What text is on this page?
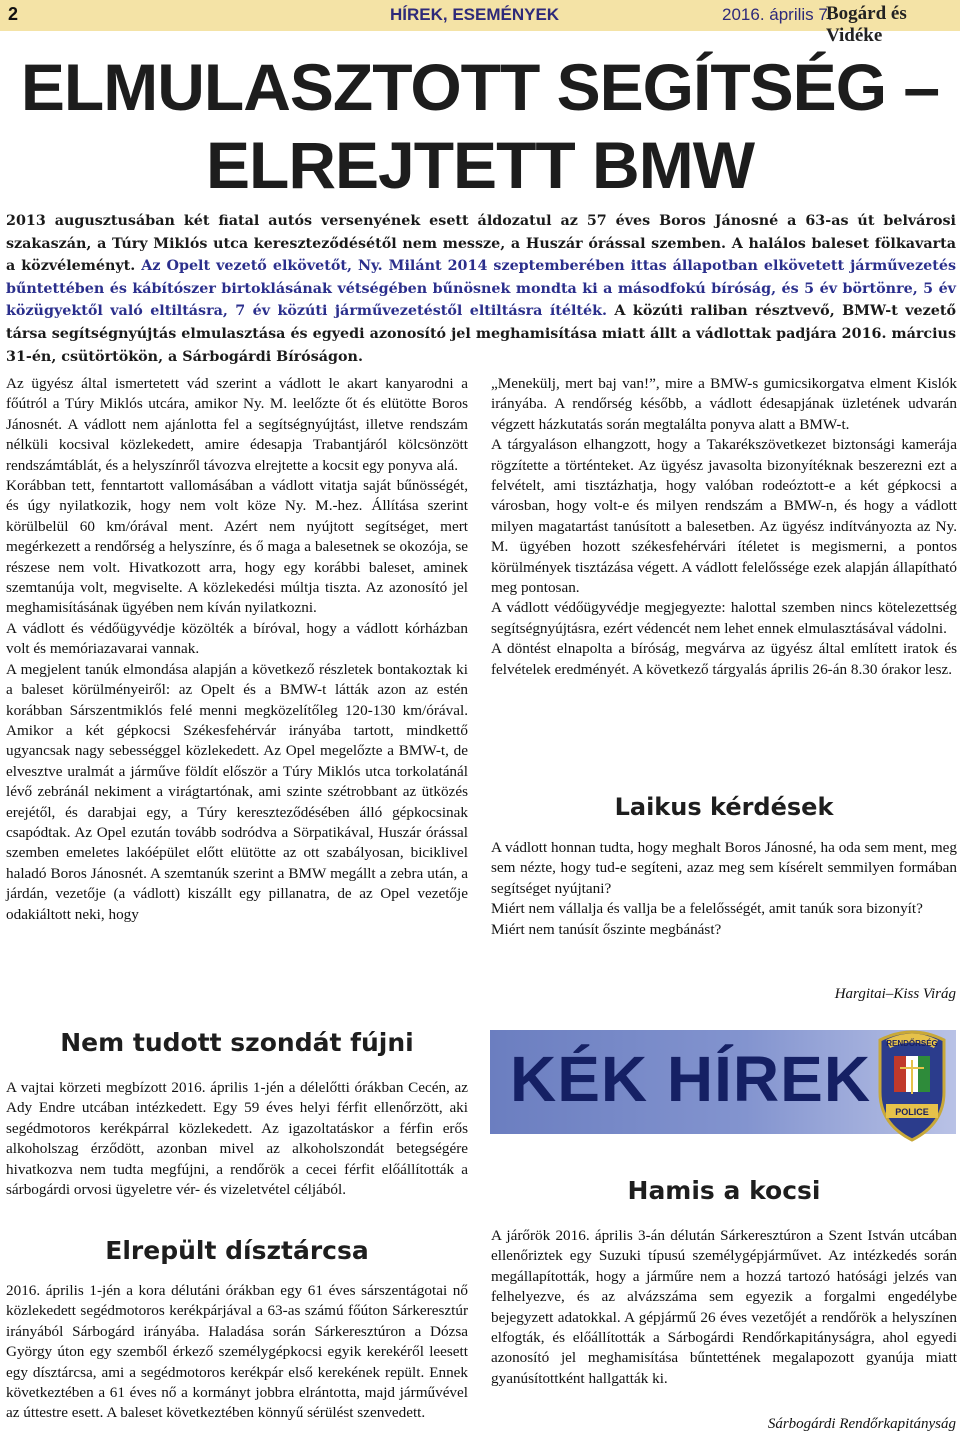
2	HÍREK, ESEMÉNYEK	2016. április 7.
Bogárd és Vidéke
ELMULASZTOTT SEGÍTSÉG –
ELREJTETT BMW
2013 augusztusában két fiatal autós versenyének esett áldozatul az 57 éves Boros Jánosné a 63-as út belvárosi szakaszán, a Túry Miklós utca kereszteződésétől nem messze, a Huszár órással szemben. A halálos baleset fölkavarta a közvéleményt. Az Opelt vezető elkövetőt, Ny. Milánt 2014 szeptemberében ittas állapotban elkövetett járművezetés bűntettében és kábítószer birtoklásának vétségében bűnösnek mondta ki a másodfokú bíróság, és 5 év börtönre, 5 év közügyektől való eltiltásra, 7 év közúti járművezetéstől eltiltásra ítélték. A közúti raliban résztvevő, BMW-t vezető társa segítségnyújtás elmulasztása és egyedi azonosító jel meghamisítása miatt állt a vádlottak padjára 2016. március 31-én, csütörtökön, a Sárbogárdi Bíróságon.

Az ügyész által ismertetett vád szerint a vádlott le akart kanyarodni a főútról a Túry Miklós utcára, amikor Ny. M. leelőzte őt és elütötte Boros Jánosnét. A vádlott nem ajánlotta fel a segítségnyújtást, illetve rendszám nélküli kocsival közlekedett, amire édesapja Trabantjáról kölcsönzött rendszámtáblát, és a helyszínről távozva elrejtette a kocsit egy ponyva alá.

Korábban tett, fenntartott vallomásában a vádlott vitatja saját bűnösségét, és úgy nyilatkozik, hogy nem volt köze Ny. M.-hez. Állítása szerint körülbelül 60 km/órával ment. Azért nem nyújtott segítséget, mert megérkezett a rendőrség a helyszínre, és ő maga a balesetnek se okozója, se részese nem volt. Hivatkozott arra, hogy egy korábbi baleset, aminek szemtanúja volt, megviselte. A közlekedési múltja tiszta. Az azonosító jel meghamisításának ügyében nem kíván nyilatkozni.

A vádlott és védőügyvédje közölték a bíróval, hogy a vádlott kórházban volt és memóriazavarai vannak.

A megjelent tanúk elmondása alapján a következő részletek bontakoztak ki a baleset körülményeiről: az Opelt és a BMW-t látták azon az estén korábban Sárszentmiklós felé menni megközelítőleg 120-130 km/órával. Amikor a két gépkocsi Székesfehérvár irányába tartott, mindkettő ugyancsak nagy sebességgel közlekedett. Az Opel megelőzte a BMW-t, de elvesztve uralmát a járműve földít először a Túry Miklós utca torkolatánál lévő zebránál nekiment a virágtartónak, ami szinte szétrobbant az ütközés erejétől, és darabjai egy, a Túry kereszteződésében álló gépkocsinak csapódtak. Az Opel ezután tovább sodródva a Sörpatikával, Huszár órással szemben emeletes lakóépület előtt elütötte az ott szabályosan, biciklivel haladó Boros Jánosnét. A szemtanúk szerint a BMW megállt a zebra után, a járdán, vezetője (a vádlott) kiszállt egy pillanatra, de az Opel vezetője odakiáltott neki, hogy

„Menekülj, mert baj van!”, mire a BMW-s gumicsikorgatva elment Kislók irányába. A rendőrség később, a vádlott édesapjának üzletének udvarán végzett házkutatás során megtalálta ponyva alatt a BMW-t.

A tárgyaláson elhangzott, hogy a Takarékszövetkezet biztonsági kamerája rögzítette a történteket. Az ügyész javasolta bizonyítéknak beszerezni ezt a felvételt, ami tisztázhatja, hogy valóban rodeóztott-e a két gépkocsi a városban, hogy volt-e és milyen rendszám a BMW-n, és hogy a vádlott milyen magatartást tanúsított a balesetben. Az ügyész indítványozta az Ny. M. ügyében hozott székesfehérvári ítéletet is megismerni, a pontos körülmények tisztázása végett. A vádlott felelőssége ezek alapján állapítható meg pontosan.

A vádlott védőügyvédje megjegyezte: halottal szemben nincs kötelezettség segítségnyújtásra, ezért védencét nem lehet ennek elmulasztásával vádolni.

A döntést elnapolta a bíróság, megvárva az ügyész által említett iratok és felvételek eredményét. A következő tárgyalás április 26-án 8.30 órakor lesz.

Laikus kérdések

A vádlott honnan tudta, hogy meghalt Boros Jánosné, ha oda sem ment, meg sem nézte, hogy tud-e segíteni, azaz meg sem kísérelt semmilyen formában segítséget nyújtani?

Miért nem vállalja és vallja be a felelősségét, amit tanúk sora bizonyít?

Miért nem tanúsít őszinte megbánást?

Hargitai–Kiss Virág
Nem tudott szondát fújni
A vajtai körzeti megbízott 2016. április 1-jén a délelőtti órákban Cecén, az Ady Endre utcában intézkedett. Egy 59 éves helyi férfit ellenőrzött, aki segédmotoros kerékpárral közlekedett. Az igazoltatáskor a férfin erős alkoholszag érződött, azonban mivel az alkoholszondát betegségére hivatkozva nem tudta megfújni, a rendőrök a cecei férfit előállították a sárbogárdi orvosi ügyeletre vér- és vizeletvétel céljából.
Elrepült dísztárcsa
2016. április 1-jén a kora délutáni órákban egy 61 éves sárszentágotai nő közlekedett segédmotoros kerékpárjával a 63-as számú főúton Sárkeresztúr irányából Sárbogárd irányába. Haladása során Sárkeresztúron a Dózsa György úton egy szemből érkező személygépkocsi egyik kerekéről leesett egy dísztárcsa, ami a segédmotoros kerékpár első kerekének repült. Ennek következtében a 61 éves nő a kormányt jobbra elrántotta, majd járművével az úttestre esett. A baleset következtében könnyű sérülést szenvedett.
KÉK HÍREK RENDŐRSÉG
POLICE
Hamis a kocsi
A járőrök 2016. április 3-án délután Sárkeresztúron a Szent István utcában ellenőriztek egy Suzuki típusú személygépjárművet. Az intézkedés során megállapították, hogy a járműre nem a hozzá tartozó hatósági jelzés van felhelyezve, és az alvázszáma sem egyezik a forgalmi engedélybe bejegyzett adatokkal. A gépjármű 26 éves vezetőjét a rendőrök a helyszínen elfogták, és előállították a Sárbogárdi Rendőrkapitányságra, ahol egyedi azonosító jel meghamisítása bűntettének megalapozott gyanúja miatt gyanúsítottként hallgatták ki.
Sárbogárdi Rendőrkapitányság
